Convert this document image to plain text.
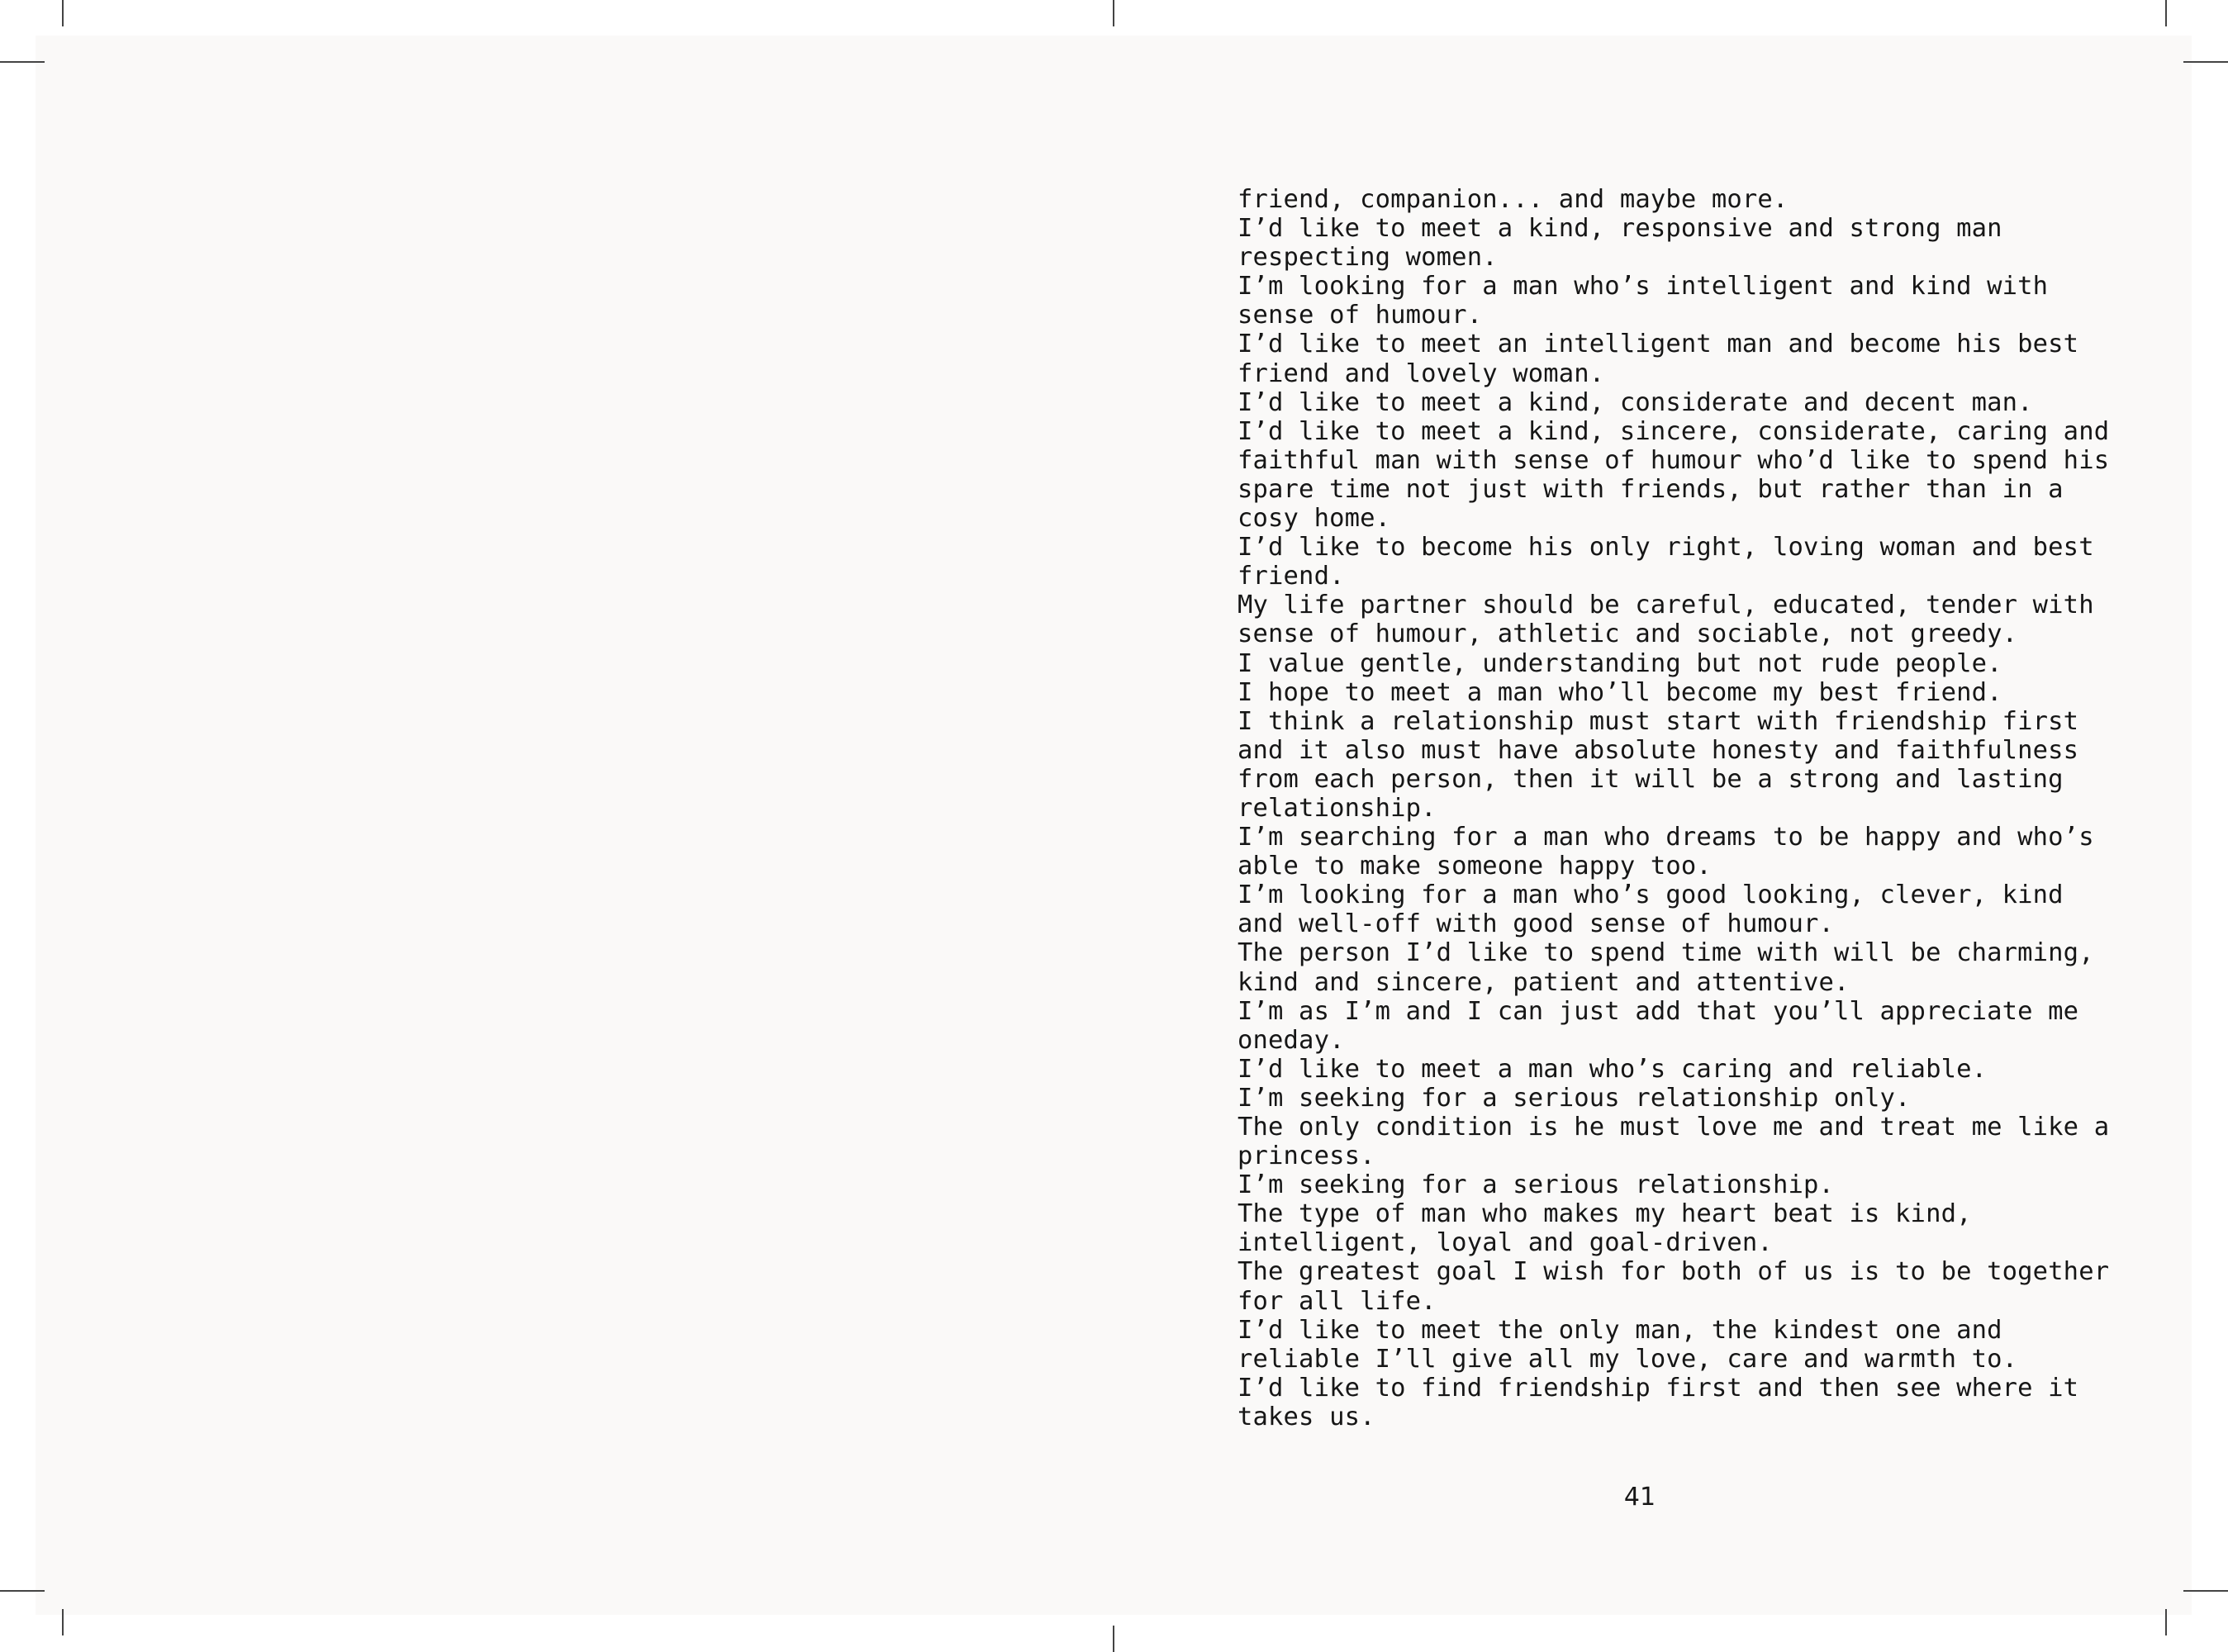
friend, companion... and maybe more.
I’d like to meet a kind, responsive and strong man
respecting women.
I’m looking for a man who’s intelligent and kind with
sense of humour.
I’d like to meet an intelligent man and become his best
friend and lovely woman.
I’d like to meet a kind, considerate and decent man.
I’d like to meet a kind, sincere, considerate, caring and
faithful man with sense of humour who’d like to spend his
spare time not just with friends, but rather than in a
cosy home.
I’d like to become his only right, loving woman and best
friend.
My life partner should be careful, educated, tender with
sense of humour, athletic and sociable, not greedy.
I value gentle, understanding but not rude people.
I hope to meet a man who’ll become my best friend.
I think a relationship must start with friendship first
and it also must have absolute honesty and faithfulness
from each person, then it will be a strong and lasting
relationship.
I’m searching for a man who dreams to be happy and who’s
able to make someone happy too.
I’m looking for a man who’s good looking, clever, kind
and well-off with good sense of humour.
The person I’d like to spend time with will be charming,
kind and sincere, patient and attentive.
I’m as I’m and I can just add that you’ll appreciate me
oneday.
I’d like to meet a man who’s caring and reliable.
I’m seeking for a serious relationship only.
The only condition is he must love me and treat me like a
princess.
I’m seeking for a serious relationship.
The type of man who makes my heart beat is kind,
intelligent, loyal and goal-driven.
The greatest goal I wish for both of us is to be together
for all life.
I’d like to meet the only man, the kindest one and
reliable I’ll give all my love, care and warmth to.
I’d like to find friendship first and then see where it
takes us.
41
